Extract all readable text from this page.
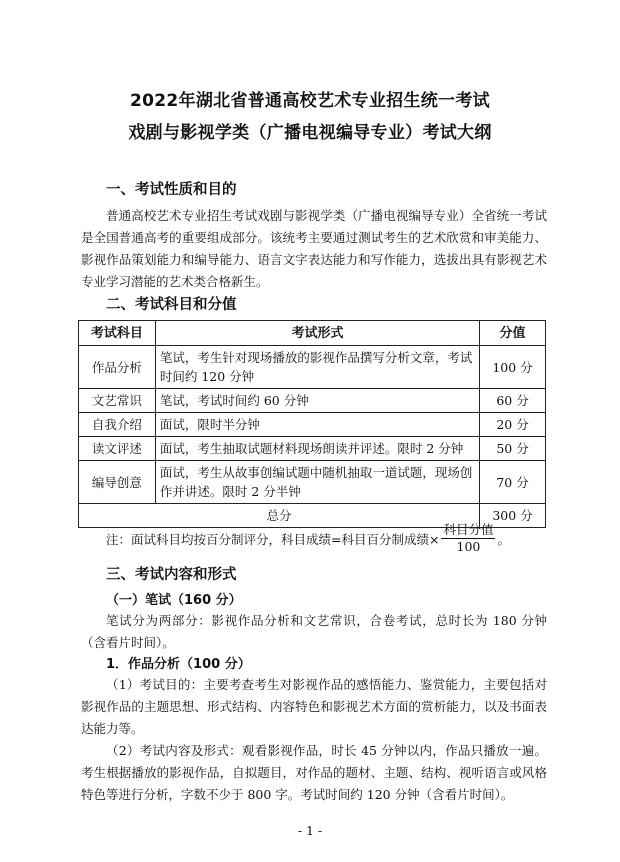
2022年湖北省普通高校艺术专业招生统一考试
戏剧与影视学类（广播电视编导专业）考试大纲
一、考试性质和目的
普通高校艺术专业招生考试戏剧与影视学类（广播电视编导专业）全省统一考试是全国普通高考的重要组成部分。该统考主要通过测试考生的艺术欣赏和审美能力、影视作品策划能力和编导能力、语言文字表达能力和写作能力，选拔出具有影视艺术专业学习潜能的艺术类合格新生。
二、考试科目和分值
考试科目	考试形式	分值
作品分析	笔试，考生针对现场播放的影视作品撰写分析文章，考试时间约 120 分钟	100 分
文艺常识	笔试，考试时间约 60 分钟	60 分
自我介绍	面试，限时半分钟	20 分
读文评述	面试，考生抽取试题材料现场朗读并评述。限时 2 分钟	50 分
编导创意	面试，考生从故事创编试题中随机抽取一道试题，现场创作并讲述。限时 2 分半钟	70 分
总分		300 分
注：面试科目均按百分制评分，科目成绩=科目百分制成绩× $\frac{\text{科目分值}}{100}$ 。
三、考试内容和形式
（一）笔试（160 分）
笔试分为两部分：影视作品分析和文艺常识，合卷考试，总时长为 180 分钟（含看片时间）。
1．作品分析（100 分）
（1）考试目的：主要考查考生对影视作品的感悟能力、鉴赏能力，主要包括对影视作品的主题思想、形式结构、内容特色和影视艺术方面的赏析能力，以及书面表达能力等。
（2）考试内容及形式：观看影视作品，时长 45 分钟以内，作品只播放一遍。考生根据播放的影视作品，自拟题目，对作品的题材、主题、结构、视听语言或风格特色等进行分析，字数不少于 800 字。考试时间约 120 分钟（含看片时间）。
- 1 -
